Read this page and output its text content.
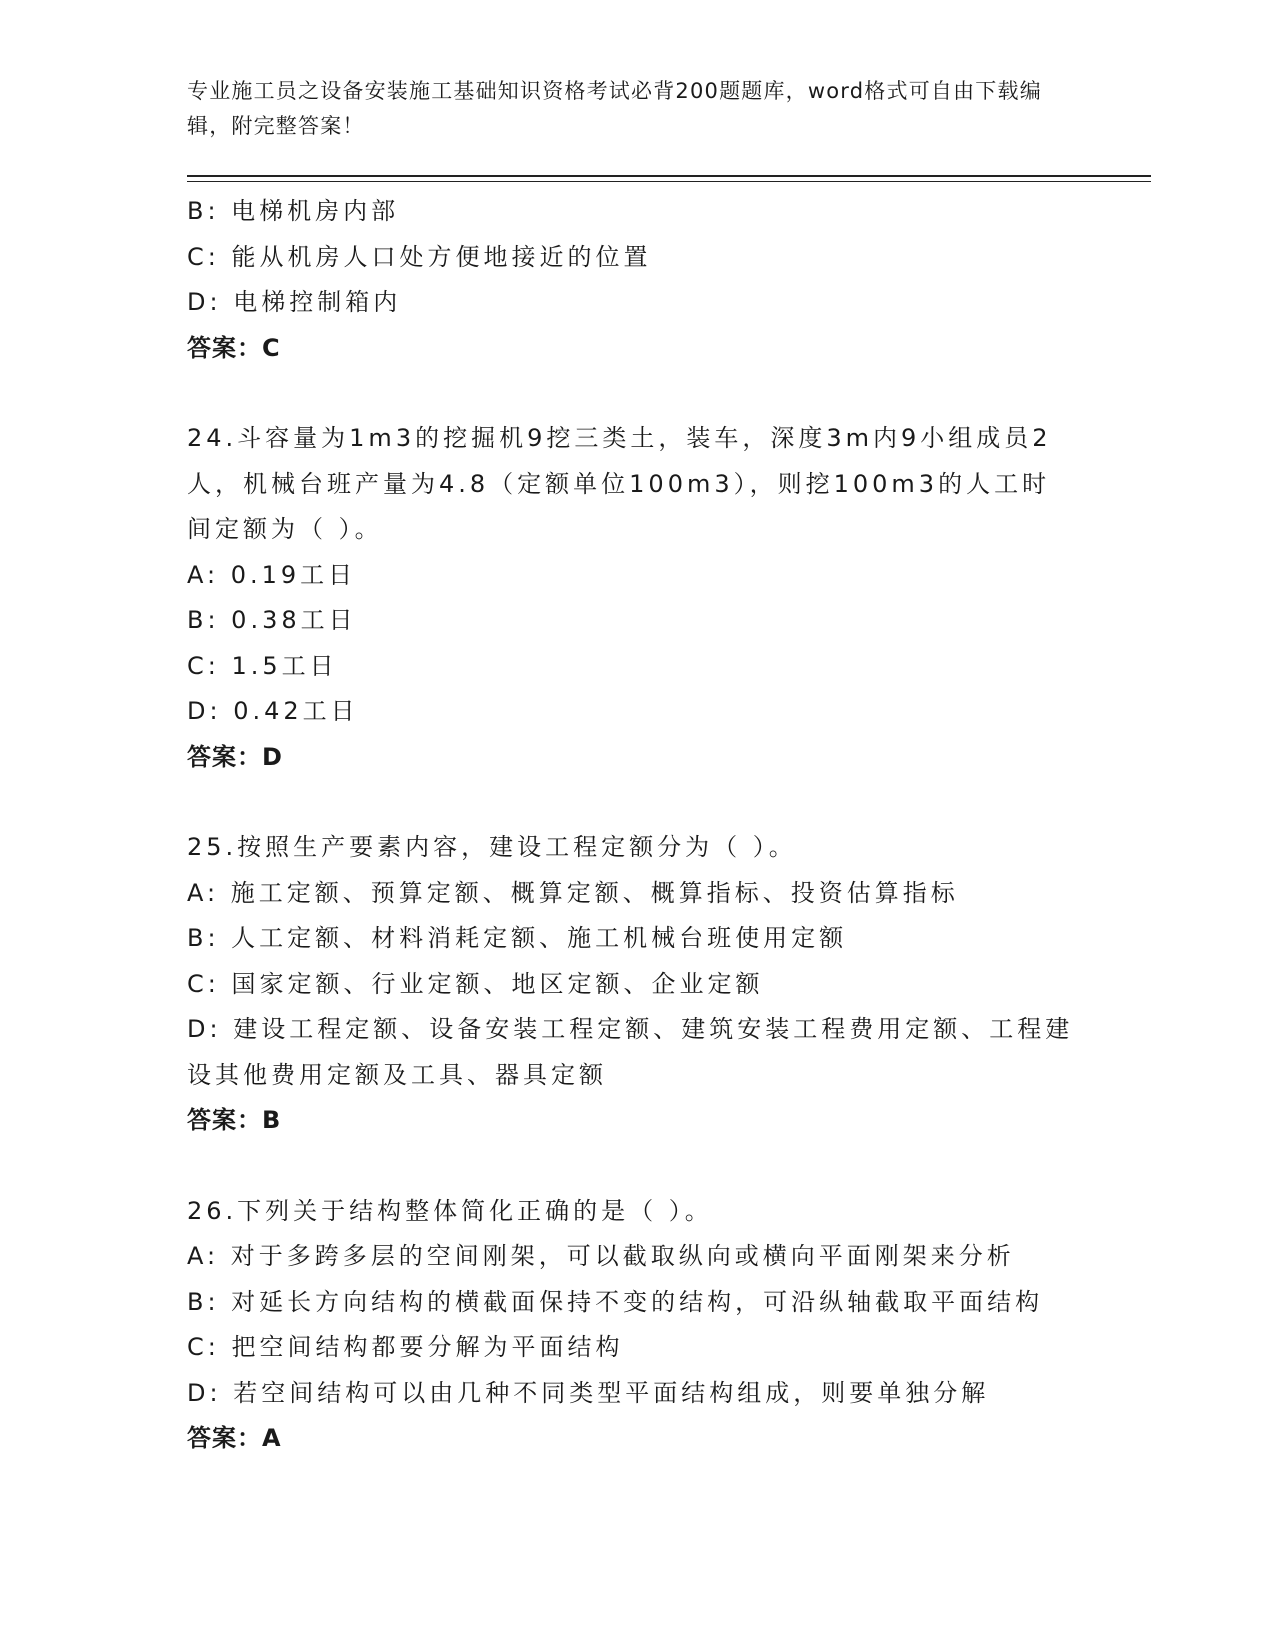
专业施工员之设备安装施工基础知识资格考试必背200题题库，word格式可自由下载编辑，附完整答案！
B: 电梯机房内部
C: 能从机房人口处方便地接近的位置
D: 电梯控制箱内
答案：C
24.斗容量为1m3的挖掘机9挖三类土，装车，深度3m内9小组成员2人，机械台班产量为4.8（定额单位100m3），则挖100m3的人工时间定额为（ ）。
A: 0.19工日
B: 0.38工日
C: 1.5工日
D: 0.42工日
答案：D
25.按照生产要素内容，建设工程定额分为（ ）。
A: 施工定额、预算定额、概算定额、概算指标、投资估算指标
B: 人工定额、材料消耗定额、施工机械台班使用定额
C: 国家定额、行业定额、地区定额、企业定额
D: 建设工程定额、设备安装工程定额、建筑安装工程费用定额、工程建设其他费用定额及工具、器具定额
答案：B
26.下列关于结构整体简化正确的是（ ）。
A: 对于多跨多层的空间刚架，可以截取纵向或横向平面刚架来分析
B: 对延长方向结构的横截面保持不变的结构，可沿纵轴截取平面结构
C: 把空间结构都要分解为平面结构
D: 若空间结构可以由几种不同类型平面结构组成，则要单独分解
答案：A
